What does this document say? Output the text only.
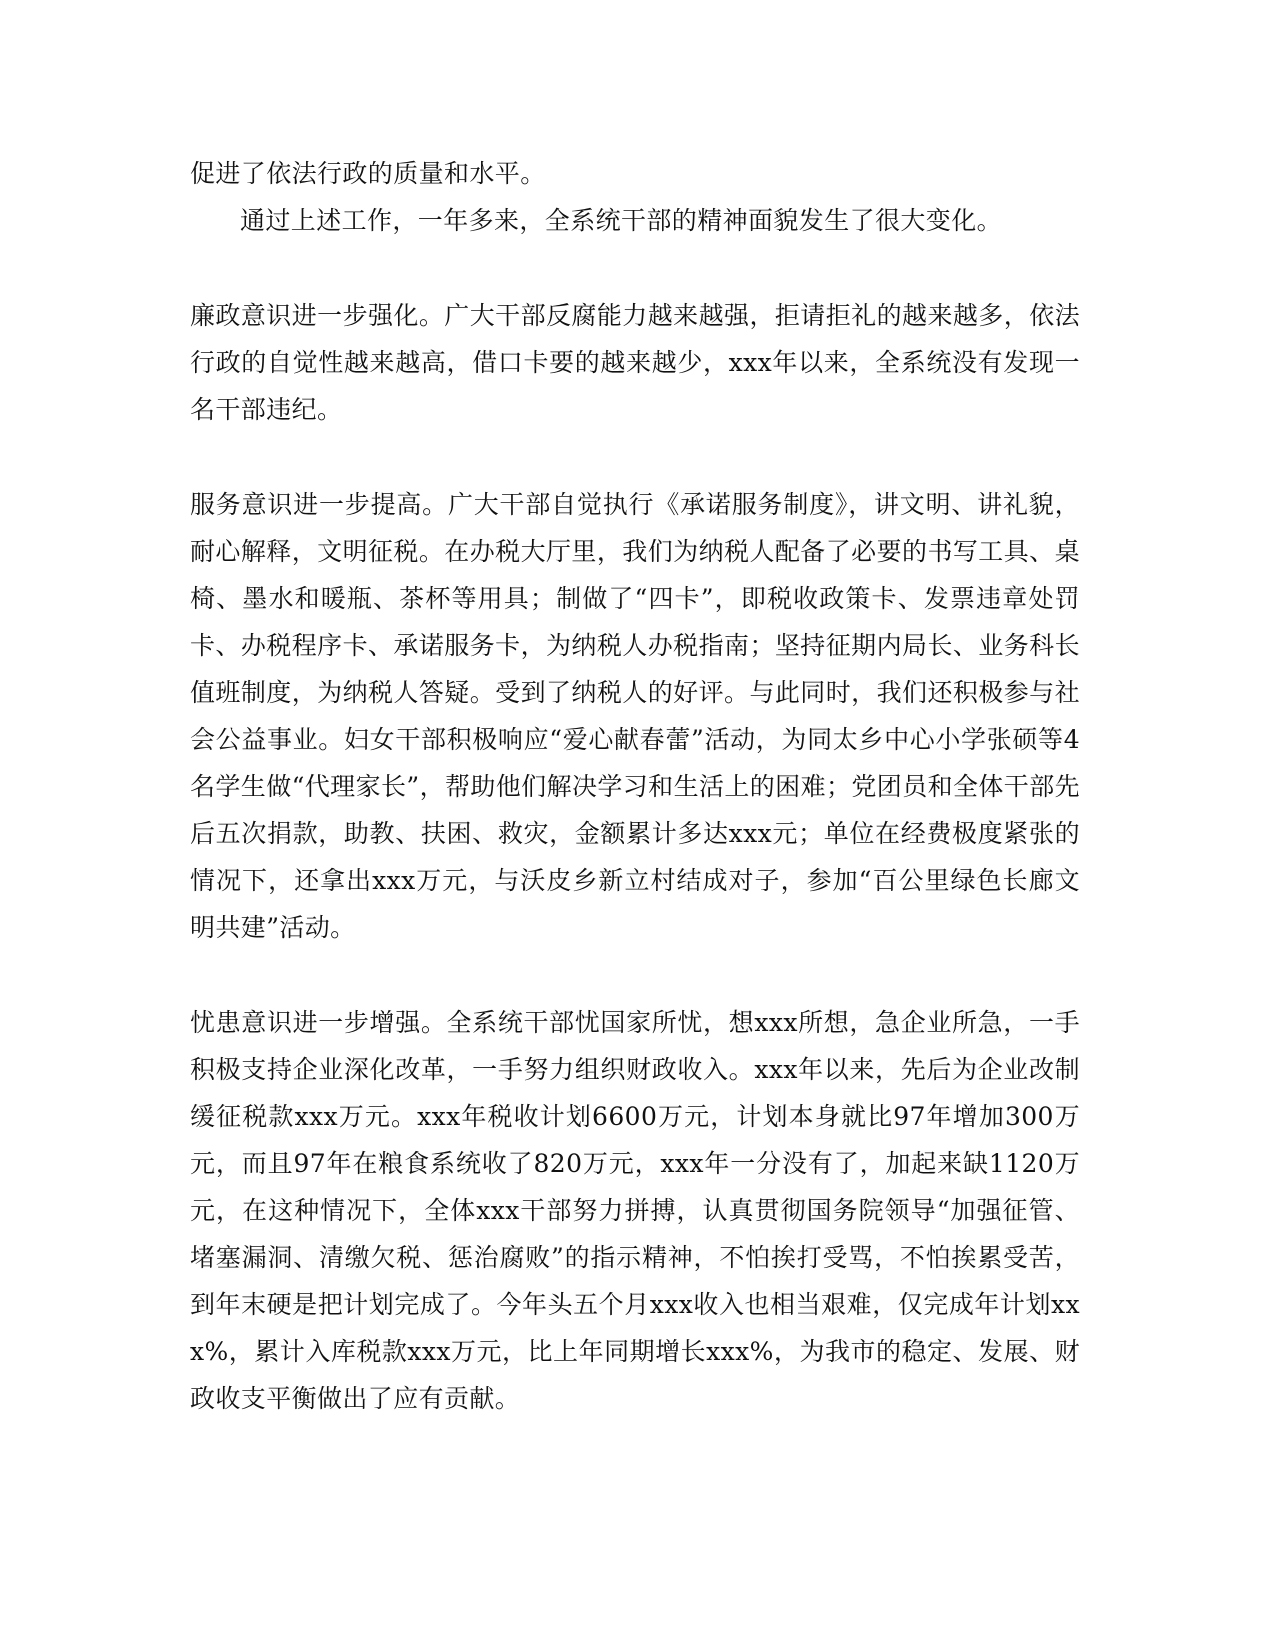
促进了依法行政的质量和水平。

通过上述工作，一年多来，全系统干部的精神面貌发生了很大变化。

廉政意识进一步强化。广大干部反腐能力越来越强，拒请拒礼的越来越多，依法行政的自觉性越来越高，借口卡要的越来越少，xxx年以来，全系统没有发现一名干部违纪。

服务意识进一步提高。广大干部自觉执行《承诺服务制度》，讲文明、讲礼貌，耐心解释，文明征税。在办税大厅里，我们为纳税人配备了必要的书写工具、桌椅、墨水和暖瓶、茶杯等用具；制做了“四卡”，即税收政策卡、发票违章处罚卡、办税程序卡、承诺服务卡，为纳税人办税指南；坚持征期内局长、业务科长值班制度，为纳税人答疑。受到了纳税人的好评。与此同时，我们还积极参与社会公益事业。妇女干部积极响应“爱心献春蕾”活动，为同太乡中心小学张硕等4名学生做“代理家长”，帮助他们解决学习和生活上的困难；党团员和全体干部先后五次捐款，助教、扶困、救灾，金额累计多达xxx元；单位在经费极度紧张的情况下，还拿出xxx万元，与沃皮乡新立村结成对子，参加“百公里绿色长廊文明共建”活动。

忧患意识进一步增强。全系统干部忧国家所忧，想xxx所想，急企业所急，一手积极支持企业深化改革，一手努力组织财政收入。xxx年以来，先后为企业改制缓征税款xxx万元。xxx年税收计划6600万元，计划本身就比97年增加300万元，而且97年在粮食系统收了820万元，xxx年一分没有了，加起来缺1120万元，在这种情况下，全体xxx干部努力拼搏，认真贯彻国务院领导“加强征管、堵塞漏洞、清缴欠税、惩治腐败”的指示精神，不怕挨打受骂，不怕挨累受苦，到年末硬是把计划完成了。今年头五个月xxx收入也相当艰难，仅完成年计划xxx%，累计入库税款xxx万元，比上年同期增长xxx%，为我市的稳定、发展、财政收支平衡做出了应有贡献。
